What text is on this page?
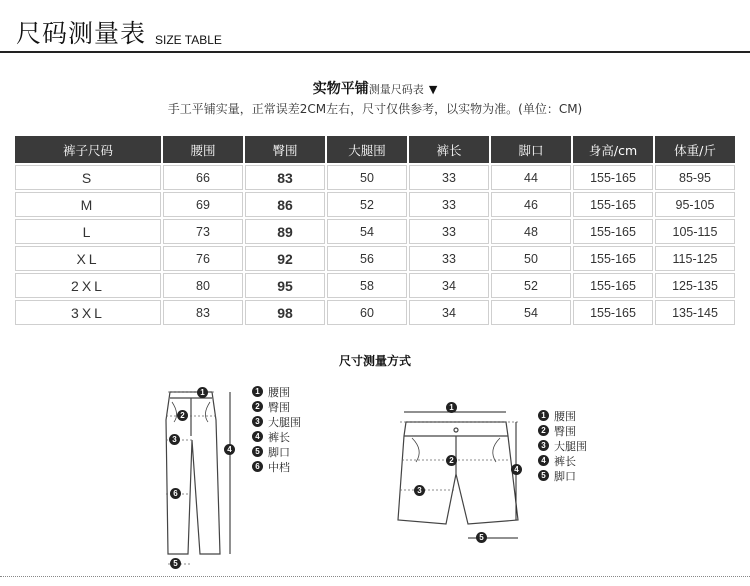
尺码测量表 SIZE TABLE
实物平铺测量尺码表 ▼
手工平铺实量，正常误差2CM左右，尺寸仅供参考，以实物为准。(单位：CM)
裤子尺码	腰围	臀围	大腿围	裤长	脚口	身高/cm	体重/斤
S	66	83	50	33	44	155-165	85-95
M	69	86	52	33	46	155-165	95-105
L	73	89	54	33	48	155-165	105-115
XL	76	92	56	33	50	155-165	115-125
2XL	80	95	58	34	52	155-165	125-135
3XL	83	98	60	34	54	155-165	135-145
尺寸测量方式
1
2
3
4
6
5
1 腰围
2 臀围
3 大腿围
4 裤长
5 脚口
6 中档
1
2
3
4
5
1 腰围
2 臀围
3 大腿围
4 裤长
5 脚口
